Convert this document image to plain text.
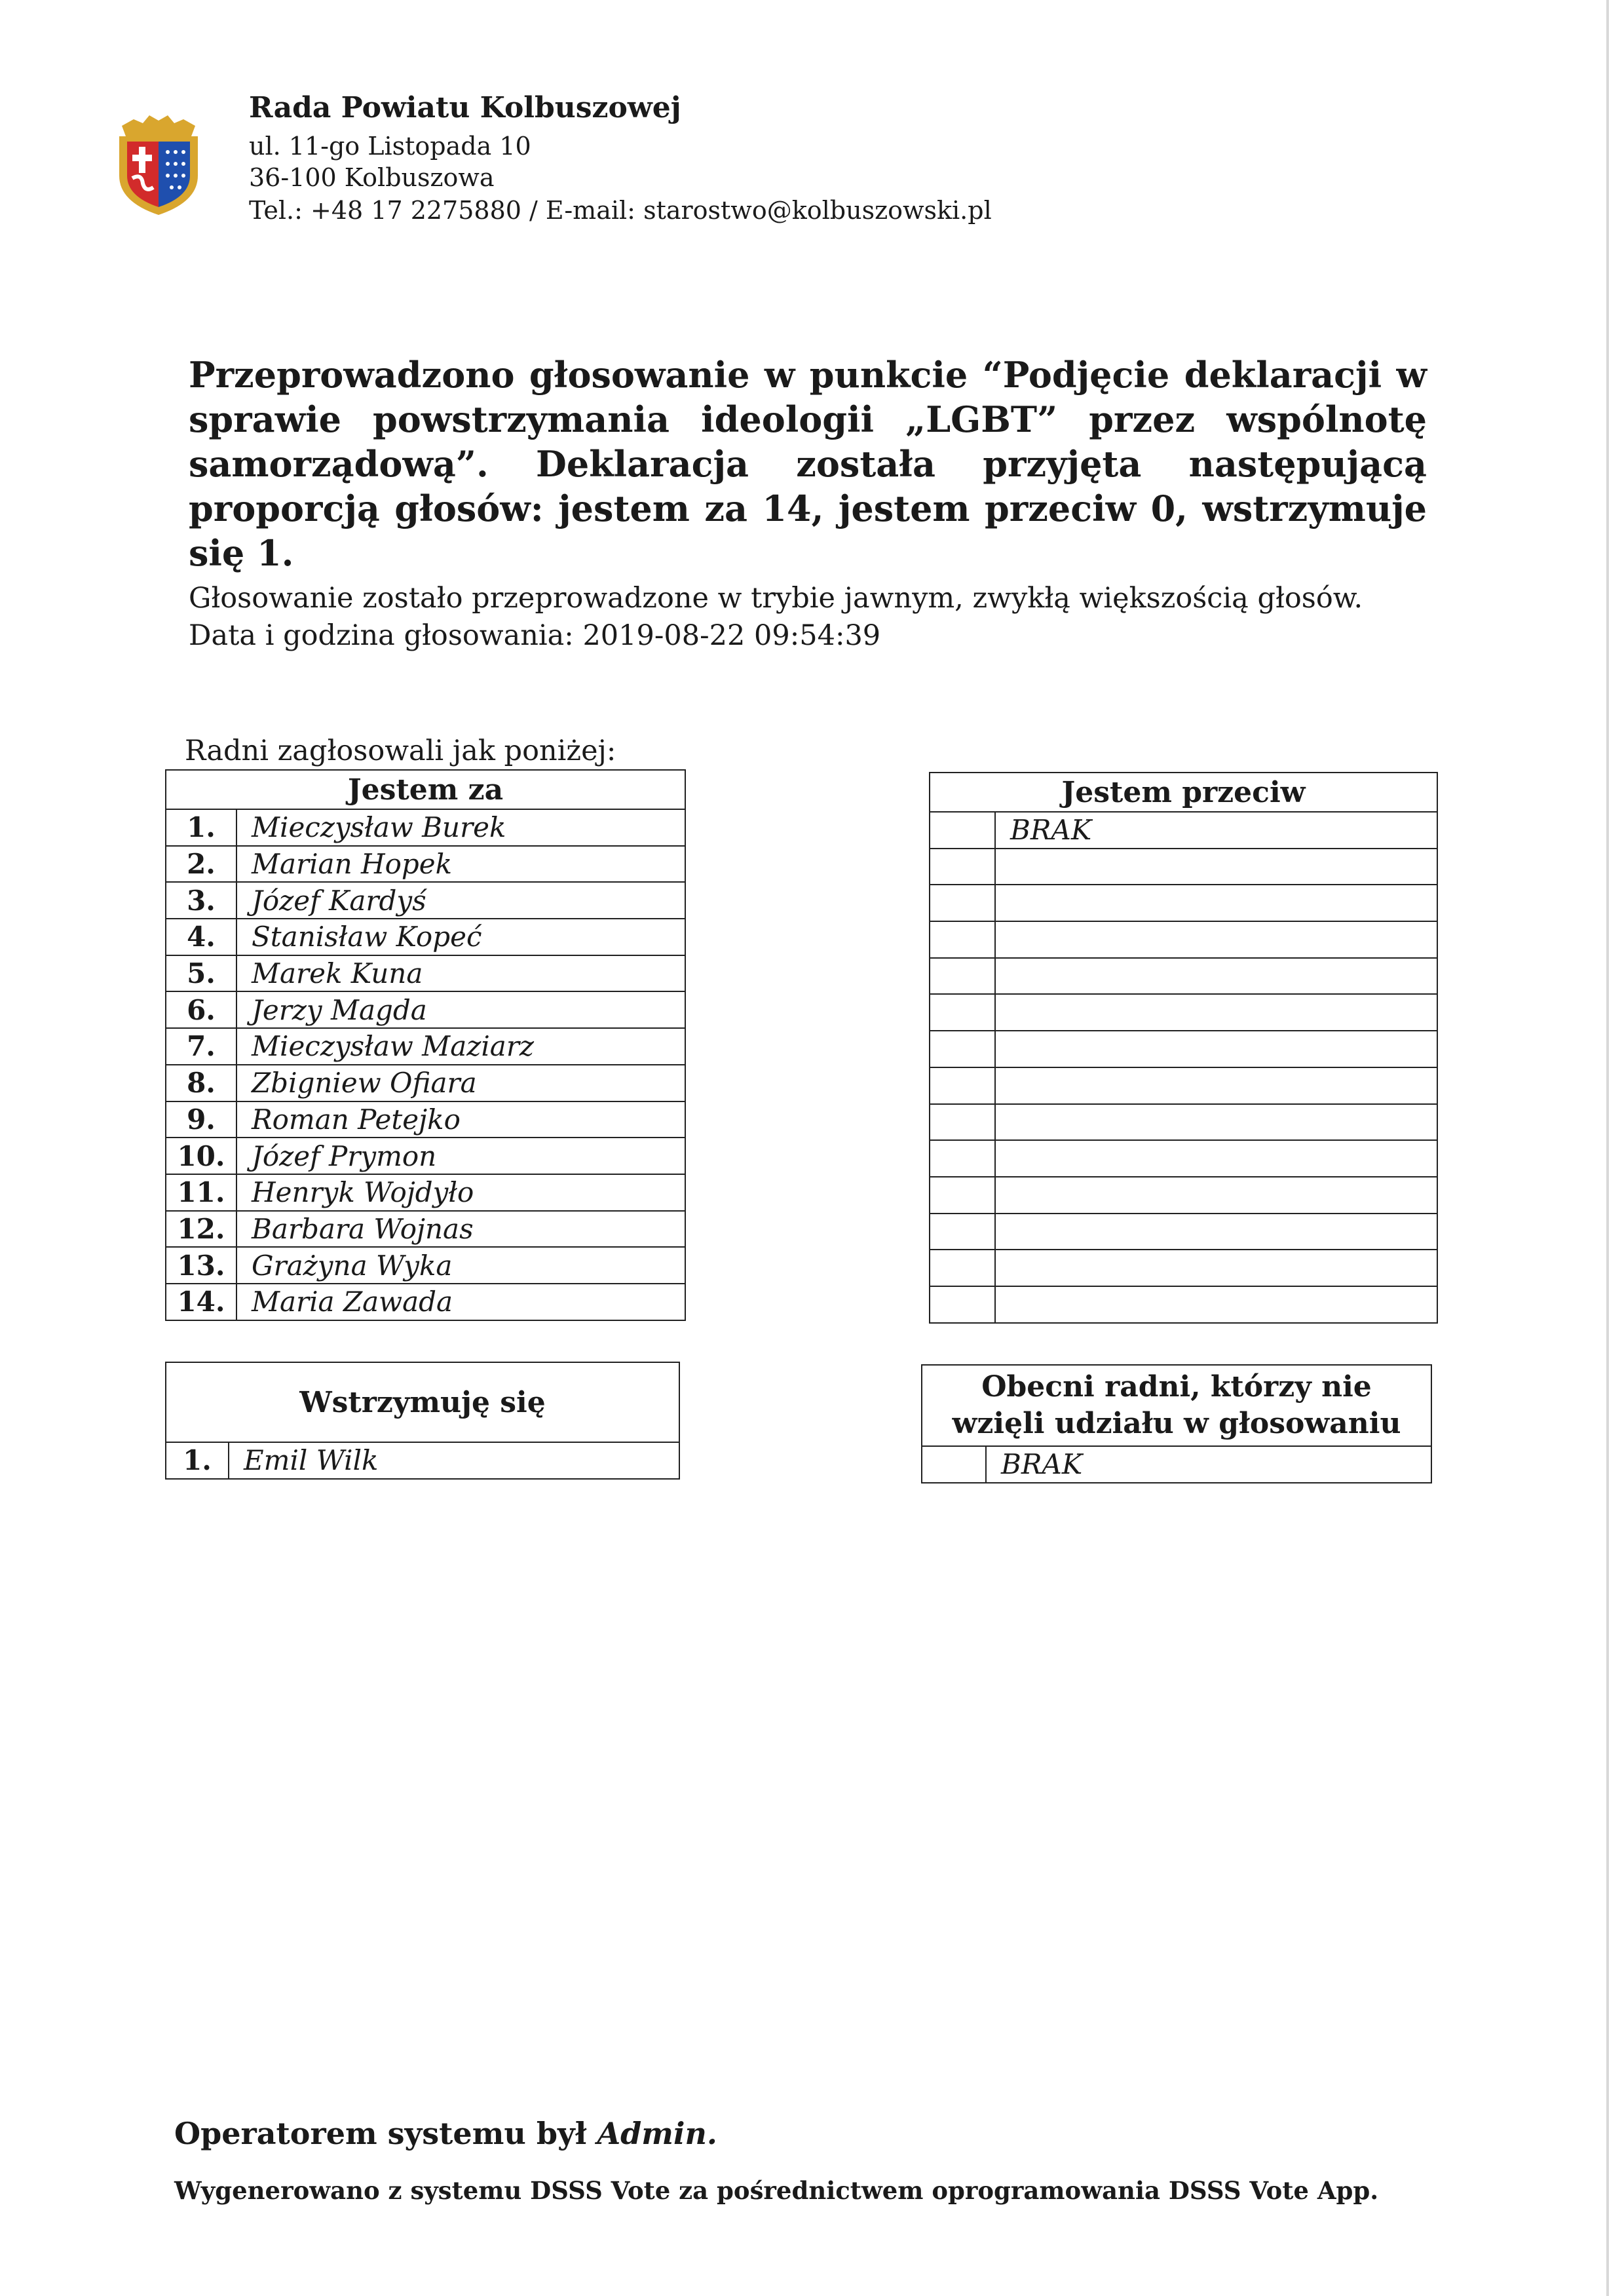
Rada Powiatu Kolbuszowej
ul. 11-go Listopada 10
36-100 Kolbuszowa
Tel.: +48 17 2275880 / E-mail: starostwo@kolbuszowski.pl
Przeprowadzono głosowanie w punkcie “Podjęcie deklaracji w sprawie powstrzymania ideologii „LGBT” przez wspólnotę samorządową”. Deklaracja została przyjęta następującą proporcją głosów: jestem za 14, jestem przeciw 0, wstrzymuje się 1.
Głosowanie zostało przeprowadzone w trybie jawnym, zwykłą większością głosów.
Data i godzina głosowania: 2019-08-22 09:54:39
Radni zagłosowali jak poniżej:
Jestem za	
1.	Mieczysław Burek
2.	Marian Hopek
3.	Józef Kardyś
4.	Stanisław Kopeć
5.	Marek Kuna
6.	Jerzy Magda
7.	Mieczysław Maziarz
8.	Zbigniew Ofiara
9.	Roman Petejko
10.	Józef Prymon
11.	Henryk Wojdyło
12.	Barbara Wojnas
13.	Grażyna Wyka
14.	Maria Zawada
Jestem przeciw	
	BRAK

Wstrzymuję się
1.	Emil Wilk
Obecni radni, którzy nie wzięli udziału w głosowaniu
	BRAK
Operatorem systemu był Admin.
Wygenerowano z systemu DSSS Vote za pośrednictwem oprogramowania DSSS Vote App.
